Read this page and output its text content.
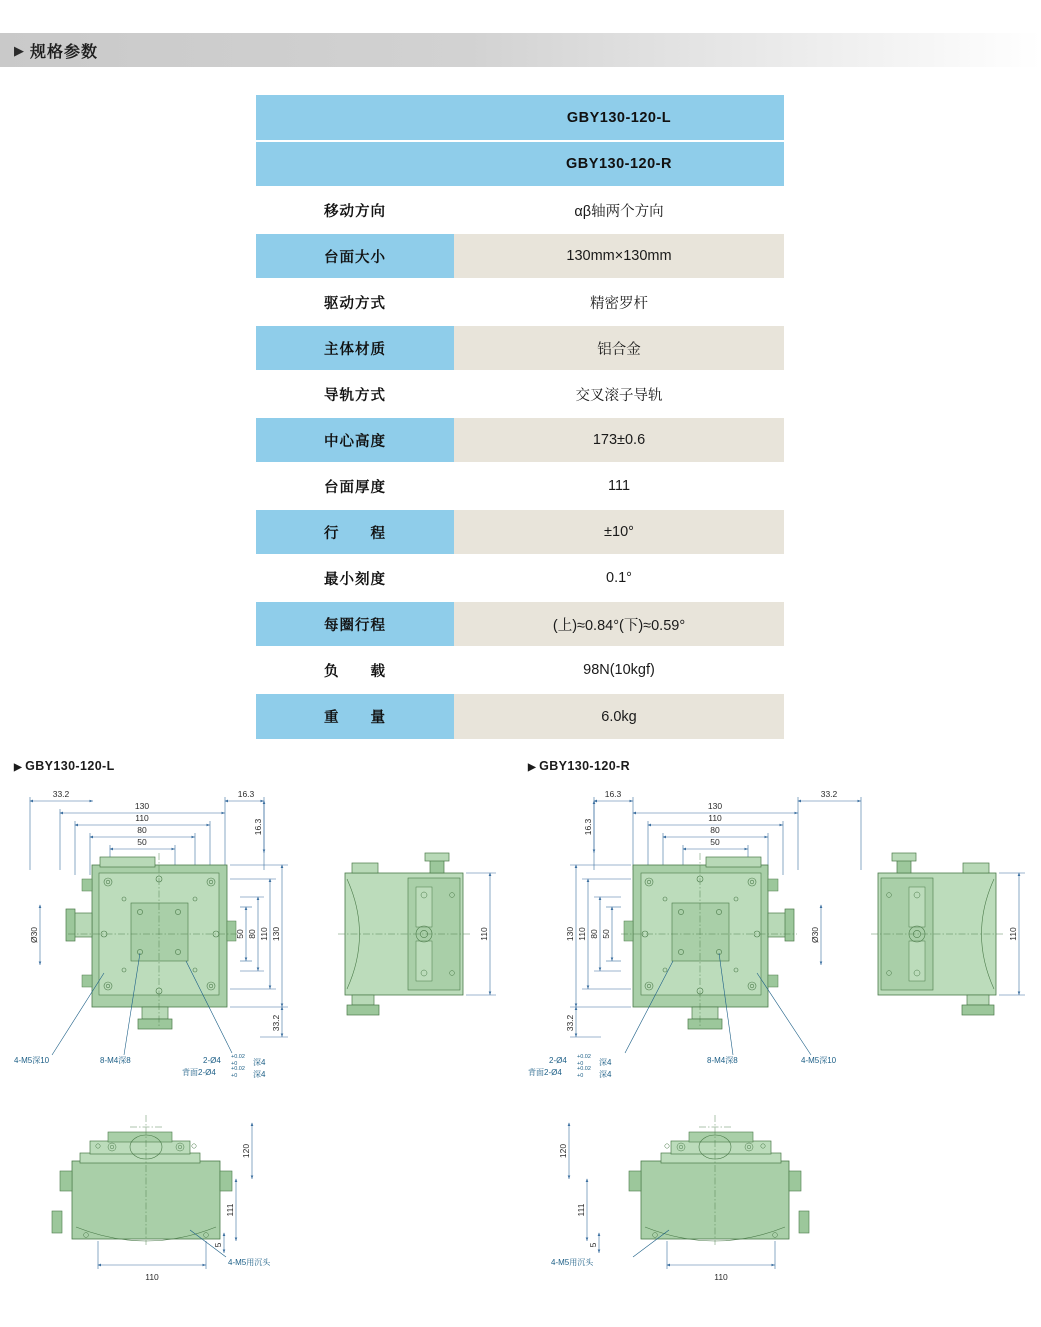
▶ 规格参数
	GBY130-120-L
	GBY130-120-R
移动方向	αβ轴两个方向
台面大小	130mm×130mm
驱动方式	精密罗杆
主体材质	铝合金
导轨方式	交叉滚子导轨
中心高度	173±0.6
台面厚度	111
行　　程	±10°
最小刻度	0.1°
每圈行程	(上)≈0.84°(下)≈0.59°
负　　载	98N(10kgf)
重　　量	6.0kg
▶ GBY130-120-L	▶ GBY130-120-R
33.2
130
110
80
50
16.3
16.3
50 80 110 130
33.2
Ø30	110
120
111
5
110
4-M5深10	8-M4深8	2-Ø4 +0.02
+0 深4
背面2-Ø4	+0.02
+0 深4
4-M5用沉头
16.3
130
110
80
50
33.2
16.3
130 110 80 50
33.2
Ø30	110
120
111
5
110
4-M5深10
8-M4深8
2-Ø4 +0.02
+0 深4
背面2-Ø4	+0.02
+0 深4
4-M5用沉头
